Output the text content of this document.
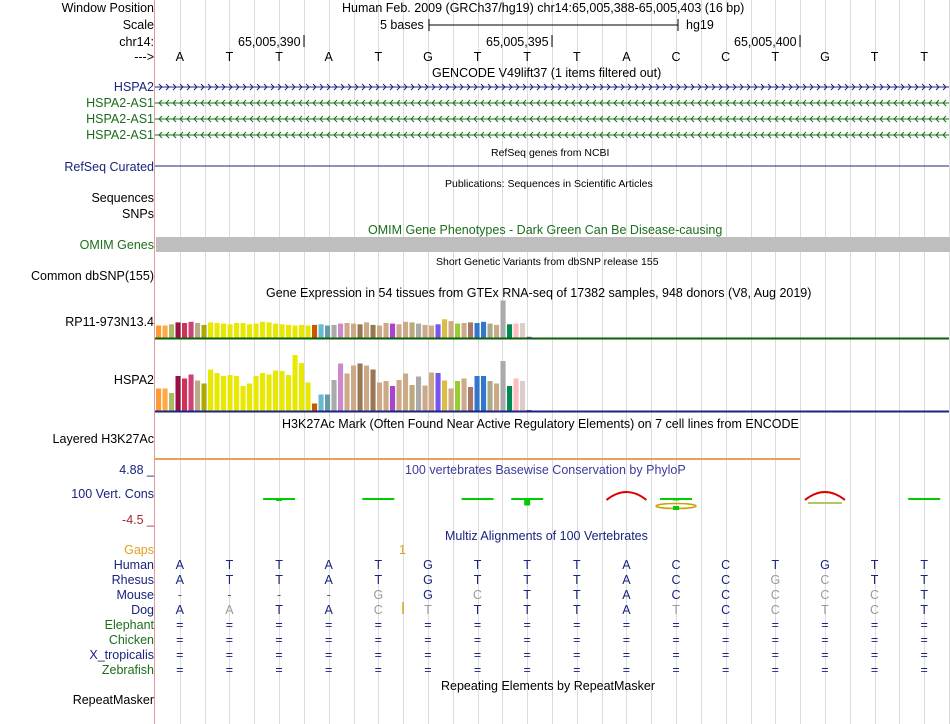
Window Position
Scale
chr14:
--->
Human Feb. 2009 (GRCh37/hg19) chr14:65,005,388-65,005,403 (16 bp)
5 bases	hg19
65,005,390	65,005,395	65,005,400
A	T	T	A	T	G	T	T	T	A	C	C	T	G	T	T
GENCODE V49lift37 (1 items filtered out)
HSPA2
HSPA2-AS1
HSPA2-AS1
HSPA2-AS1
RefSeq genes from NCBI
RefSeq Curated
Publications: Sequences in Scientific Articles
Sequences
SNPs
OMIM Gene Phenotypes - Dark Green Can Be Disease-causing
OMIM Genes
Short Genetic Variants from dbSNP release 155
Common dbSNP(155)
Gene Expression in 54 tissues from GTEx RNA-seq of 17382 samples, 948 donors (V8, Aug 2019)
RP11-973N13.4
HSPA2
H3K27Ac Mark (Often Found Near Active Regulatory Elements) on 7 cell lines from ENCODE
Layered H3K27Ac
100 vertebrates Basewise Conservation by PhyloP
4.88 _
100 Vert. Cons
-4.5 _
Multiz Alignments of 100 Vertebrates
Gaps	1
Human	A	T	T	A	T	G	T	T	T	A	C	C	T	G	T	T
Rhesus	A	T	T	A	T	G	T	T	T	A	C	C	G	C	T	T
Mouse	-	-	-	-	G	G	C	T	T	A	C	C	C	C	C	T
Dog	A	A	T	A	C	T	T	T	T	A	T	C	C	T	C	T
Elephant	=	=	=	=	=	=	=	=	=	=	=	=	=	=	=	=
Chicken	=	=	=	=	=	=	=	=	=	=	=	=	=	=	=	=
X_tropicalis	=	=	=	=	=	=	=	=	=	=	=	=	=	=	=	=
Zebrafish	=	=	=	=	=	=	=	=	=	=	=	=	=	=	=	=
Repeating Elements by RepeatMasker
RepeatMasker
